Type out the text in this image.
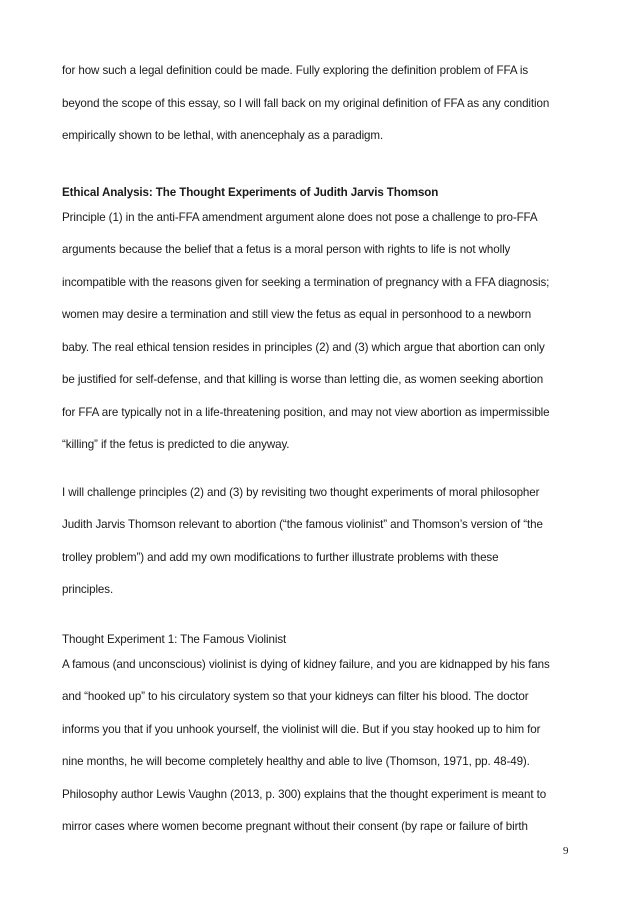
for how such a legal definition could be made. Fully exploring the definition problem of FFA is
beyond the scope of this essay, so I will fall back on my original definition of FFA as any condition
empirically shown to be lethal, with anencephaly as a paradigm.
Ethical Analysis: The Thought Experiments of Judith Jarvis Thomson
Principle (1) in the anti-FFA amendment argument alone does not pose a challenge to pro-FFA
arguments because the belief that a fetus is a moral person with rights to life is not wholly
incompatible with the reasons given for seeking a termination of pregnancy with a FFA diagnosis;
women may desire a termination and still view the fetus as equal in personhood to a newborn
baby. The real ethical tension resides in principles (2) and (3) which argue that abortion can only
be justified for self-defense, and that killing is worse than letting die, as women seeking abortion
for FFA are typically not in a life-threatening position, and may not view abortion as impermissible
“killing” if the fetus is predicted to die anyway.
I will challenge principles (2) and (3) by revisiting two thought experiments of moral philosopher
Judith Jarvis Thomson relevant to abortion (“the famous violinist” and Thomson’s version of “the
trolley problem”) and add my own modifications to further illustrate problems with these
principles.
Thought Experiment 1: The Famous Violinist
A famous (and unconscious) violinist is dying of kidney failure, and you are kidnapped by his fans
and “hooked up” to his circulatory system so that your kidneys can filter his blood. The doctor
informs you that if you unhook yourself, the violinist will die. But if you stay hooked up to him for
nine months, he will become completely healthy and able to live (Thomson, 1971, pp. 48-49).
Philosophy author Lewis Vaughn (2013, p. 300) explains that the thought experiment is meant to
mirror cases where women become pregnant without their consent (by rape or failure of birth
9
